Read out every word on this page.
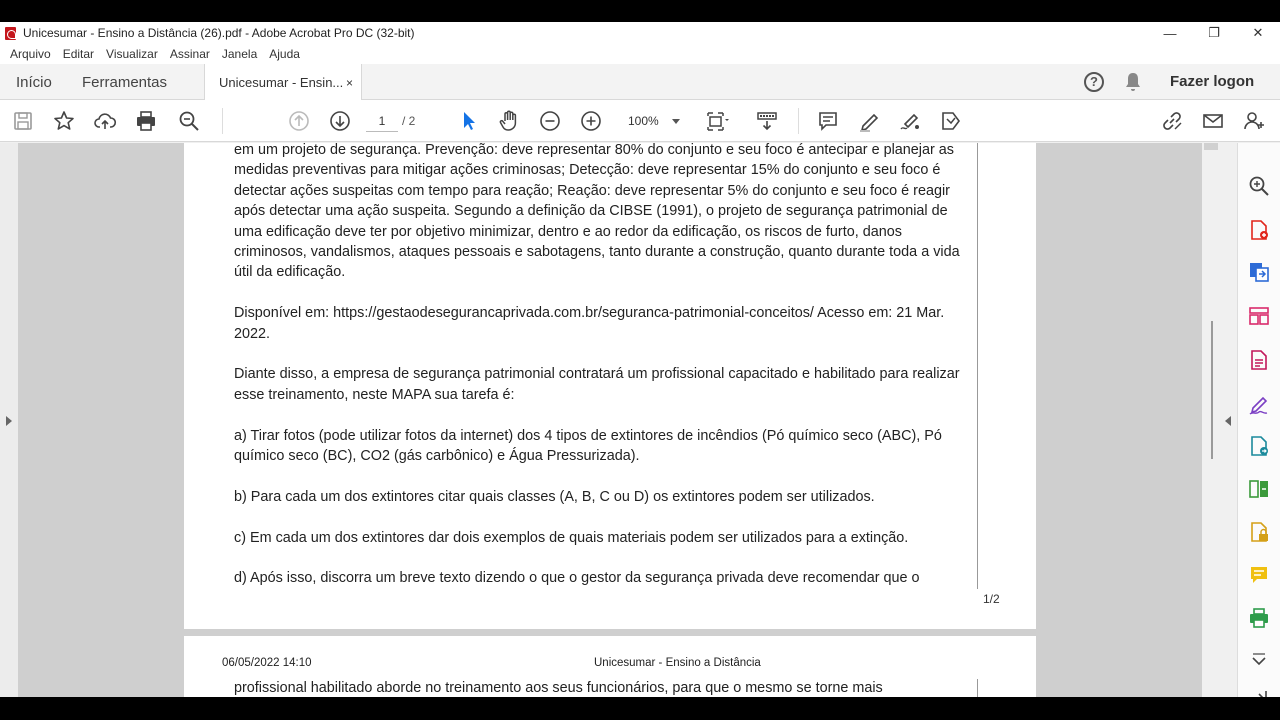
Unicesumar - Ensino a Distância (26).pdf - Adobe Acrobat Pro DC (32-bit)	—	❐	✕
Arquivo Editar Visualizar Assinar Janela Ajuda
Início Ferramentas	Unicesumar - Ensin... ×	?	Fazer logon
1	/ 2	100%

em um projeto de segurança. Prevenção: deve representar 80% do conjunto e seu foco é antecipar e planejar as medidas preventivas para mitigar ações criminosas; Detecção: deve representar 15% do conjunto e seu foco é detectar ações suspeitas com tempo para reação; Reação: deve representar 5% do conjunto e seu foco é reagir após detectar uma ação suspeita. Segundo a definição da CIBSE (1991), o projeto de segurança patrimonial de uma edificação deve ter por objetivo minimizar, dentro e ao redor da edificação, os riscos de furto, danos criminosos, vandalismos, ataques pessoais e sabotagens, tanto durante a construção, quanto durante toda a vida útil da edificação.

Disponível em: https://gestaodesegurancaprivada.com.br/seguranca-patrimonial-conceitos/ Acesso em: 21 Mar. 2022.

Diante disso, a empresa de segurança patrimonial contratará um profissional capacitado e habilitado para realizar esse treinamento, neste MAPA sua tarefa é:

a) Tirar fotos (pode utilizar fotos da internet) dos 4 tipos de extintores de incêndios (Pó químico seco (ABC), Pó químico seco (BC), CO2 (gás carbônico) e Água Pressurizada).

b) Para cada um dos extintores citar quais classes (A, B, C ou D) os extintores podem ser utilizados.

c) Em cada um dos extintores dar dois exemplos de quais materiais podem ser utilizados para a extinção.

d) Após isso, discorra um breve texto dizendo o que o gestor da segurança privada deve recomendar que o

1/2
06/05/2022 14:10	Unicesumar - Ensino a Distância
profissional habilitado aborde no treinamento aos seus funcionários, para que o mesmo se torne mais
